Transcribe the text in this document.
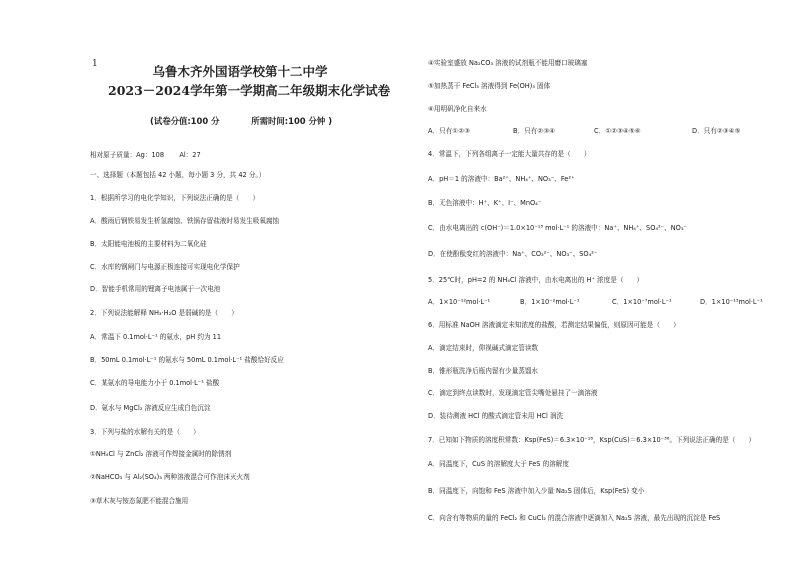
1	乌鲁木齐外国语学校第十二中学
2023－2024学年第一学期高二年级期末化学试卷
(试卷分值:100 分	所需时间:100 分钟 )
相对原子质量：Ag：108　　 Al：27
一、选择题（本题包括 42 小题，每小题 3 分，共 42 分。）
1．根据所学习的电化学知识，下列说法正确的是（　　）
A．酸雨后钢铁易发生析氢腐蚀、铁锅存留盐液时易发生吸氧腐蚀
B．太阳能电池板的主要材料为二氧化硅
C．水库的钢闸门与电源正极连接可实现电化学保护
D．智能手机常用的锂离子电池属于一次电池
2．下列说法能解释 NH₃·H₂O 是弱碱的是（　　）
A．常温下 0.1mol·L⁻¹ 的氨水，pH 约为 11
B．50mL 0.1mol·L⁻¹ 的氨水与 50mL 0.1mol·L⁻¹ 盐酸恰好反应
C．某氨水的导电能力小于 0.1mol·L⁻¹ 盐酸
D．氨水与 MgCl₂ 溶液反应生成白色沉淀
3．下列与盐的水解有关的是（　　）
①NH₄Cl 与 ZnCl₂ 溶液可作焊接金属时的除锈剂
②NaHCO₃ 与 Al₂(SO₄)₃ 两种溶液混合可作泡沫灭火剂
③草木灰与铵态氮肥不能混合施用
④实验室盛放 Na₂CO₃ 溶液的试剂瓶不能用磨口玻璃塞
⑤加热蒸干 FeCl₃ 溶液得到 Fe(OH)₃ 固体
⑥用明矾净化自来水
A．只有①②③	B．只有②③④	C．①②③④⑤⑥	D．只有②③④⑤
4．常温下，下列各组离子一定能大量共存的是（　　）
A．pH＝1 的溶液中：Ba²⁺、NH₄⁺、NO₃⁻、Fe²⁺
B．无色溶液中：H⁺、K⁺、I⁻、MnO₄⁻
C．由水电离出的 c(OH⁻)＝1.0×10⁻¹³ mol·L⁻¹ 的溶液中：Na⁺、NH₄⁺、SO₄²⁻、NO₃⁻
D．在使酚酞变红的溶液中：Na⁺、CO₃²⁻、NO₃⁻、SO₄²⁻
5．25℃时，pH=2 的 NH₄Cl 溶液中，由水电离出的 H⁺ 浓度是（　　）
A．1×10⁻¹²mol·L⁻¹	B．1×10⁻²mol·L⁻¹	C．1×10⁻⁷mol·L⁻¹	D．1×10⁻¹³mol·L⁻¹
6．用标准 NaOH 溶液滴定未知浓度的盐酸，若测定结果偏低，则原因可能是（　　）
A．滴定结束时，仰视碱式滴定管读数
B．锥形瓶洗净后瓶内留有少量蒸馏水
C．滴定到终点读数时，发现滴定管尖嘴处悬挂了一滴溶液
D．装待测液 HCl 的酸式滴定管未用 HCl 润洗
7．已知如下物质的溶度积常数：Ksp(FeS)＝6.3×10⁻¹⁸，Ksp(CuS)＝6.3×10⁻³⁶。下列说法正确的是（　　）
A．同温度下，CuS 的溶解度大于 FeS 的溶解度
B．同温度下，向饱和 FeS 溶液中加入少量 Na₂S 固体后，Ksp(FeS) 变小
C．向含有等物质的量的 FeCl₂ 和 CuCl₂ 的混合溶液中逐滴加入 Na₂S 溶液，最先出现的沉淀是 FeS
